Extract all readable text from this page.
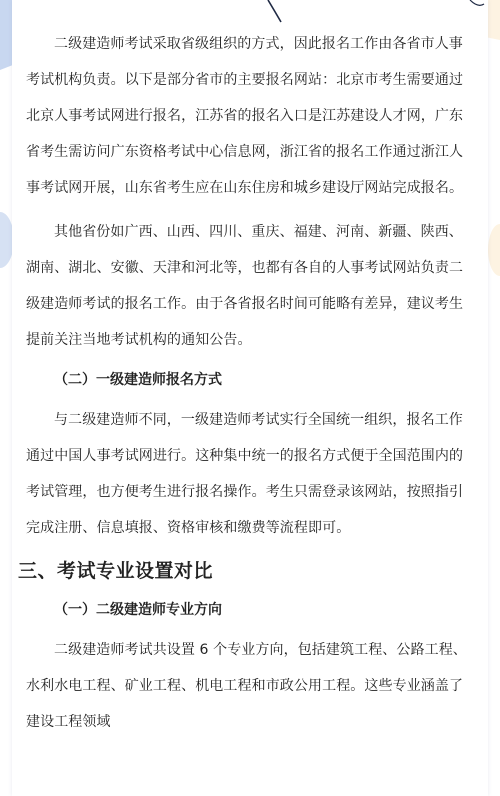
二级建造师考试采取省级组织的方式，因此报名工作由各省市人事考试机构负责。以下是部分省市的主要报名网站：北京市考生需要通过北京人事考试网进行报名，江苏省的报名入口是江苏建设人才网，广东省考生需访问广东资格考试中心信息网，浙江省的报名工作通过浙江人事考试网开展，山东省考生应在山东住房和城乡建设厅网站完成报名。

其他省份如广西、山西、四川、重庆、福建、河南、新疆、陕西、湖南、湖北、安徽、天津和河北等，也都有各自的人事考试网站负责二级建造师考试的报名工作。由于各省报名时间可能略有差异，建议考生提前关注当地考试机构的通知公告。

（二）一级建造师报名方式

与二级建造师不同，一级建造师考试实行全国统一组织，报名工作通过中国人事考试网进行。这种集中统一的报名方式便于全国范围内的考试管理，也方便考生进行报名操作。考生只需登录该网站，按照指引完成注册、信息填报、资格审核和缴费等流程即可。

三、考试专业设置对比
（一）二级建造师专业方向

二级建造师考试共设置 6 个专业方向，包括建筑工程、公路工程、水利水电工程、矿业工程、机电工程和市政公用工程。这些专业涵盖了建设工程领域
